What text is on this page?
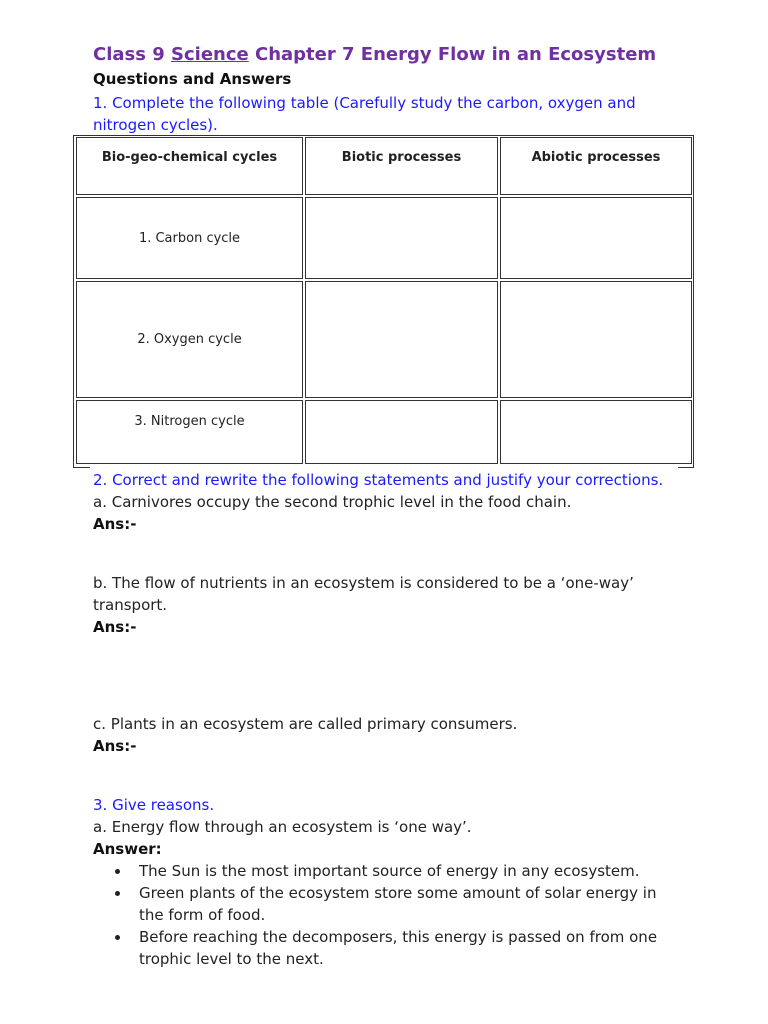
Class 9 Science Chapter 7 Energy Flow in an Ecosystem
Questions and Answers
1. Complete the following table (Carefully study the carbon, oxygen and nitrogen cycles).
Bio-geo-chemical cycles	Biotic processes	Abiotic processes
1. Carbon cycle
2. Oxygen cycle
3. Nitrogen cycle
2. Correct and rewrite the following statements and justify your corrections.
a. Carnivores occupy the second trophic level in the food chain.
Ans:-
b. The flow of nutrients in an ecosystem is considered to be a ‘one-way’ transport.
Ans:-
c. Plants in an ecosystem are called primary consumers.
Ans:-
3. Give reasons.
a. Energy flow through an ecosystem is ‘one way’.
Answer:
The Sun is the most important source of energy in any ecosystem.
Green plants of the ecosystem store some amount of solar energy in the form of food.
Before reaching the decomposers, this energy is passed on from one trophic level to the next.
